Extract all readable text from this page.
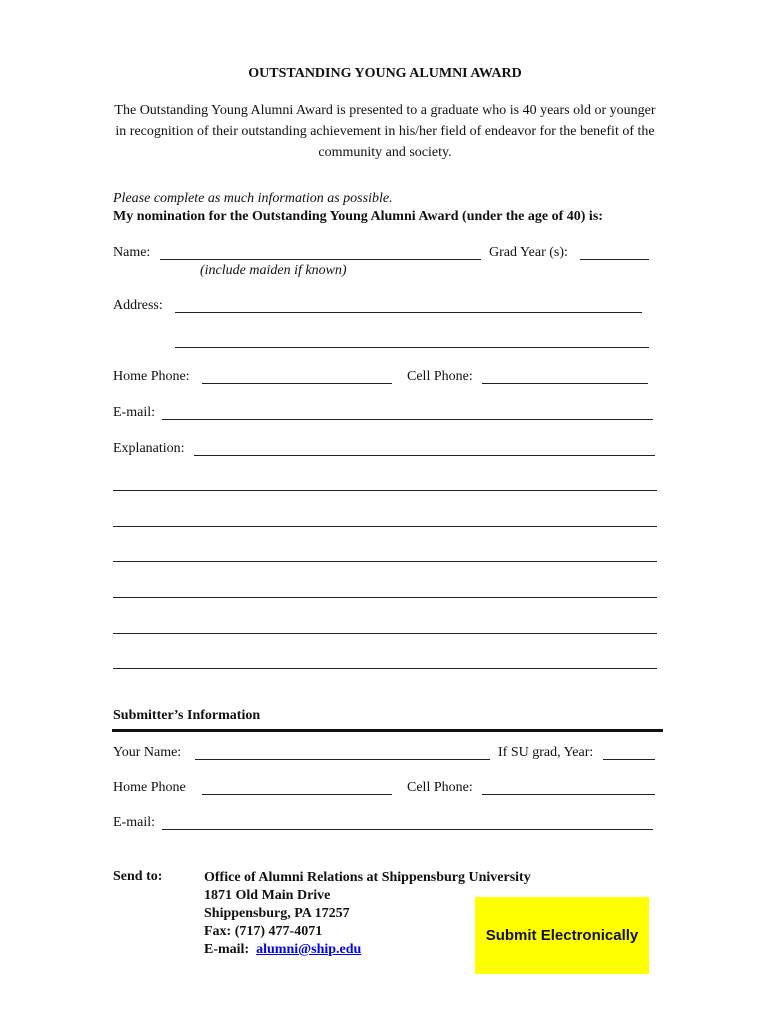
OUTSTANDING YOUNG ALUMNI AWARD
The Outstanding Young Alumni Award is presented to a graduate who is 40 years old or younger in recognition of their outstanding achievement in his/her field of endeavor for the benefit of the community and society.
Please complete as much information as possible.
My nomination for the Outstanding Young Alumni Award (under the age of 40) is:
Name:	Grad Year (s):
(include maiden if known)
Address:
Home Phone:	Cell Phone:
E-mail:
Explanation:
Submitter’s Information
Your Name:	If SU grad, Year:
Home Phone	Cell Phone:
E-mail:
Send to:	Office of Alumni Relations at Shippensburg University
1871 Old Main Drive
Shippensburg, PA 17257
Fax: (717) 477-4071
E-mail: alumni@ship.edu
Submit Electronically
